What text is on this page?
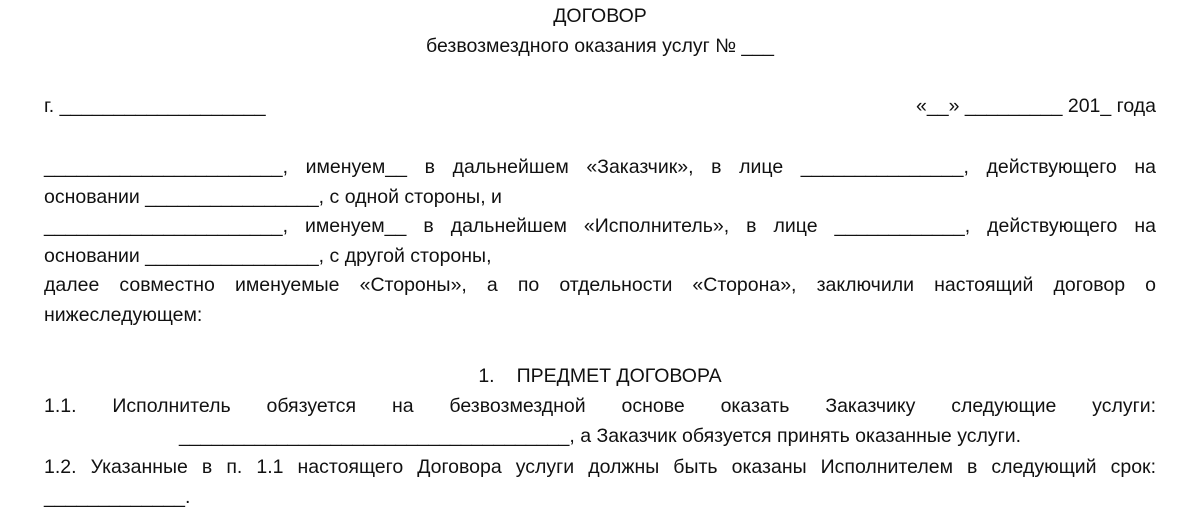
ДОГОВОР
безвозмездного оказания услуг № ___
г. ___________________	«__» _________ 201_ года
______________________, именуем__ в дальнейшем «Заказчик», в лице _______________, действующего на
основании ________________, с одной стороны, и
______________________, именуем__ в дальнейшем «Исполнитель», в лице ____________, действующего на
основании ________________, с другой стороны,
далее совместно именуемые «Стороны», а по отдельности «Сторона», заключили настоящий договор о
нижеследующем:
1. ПРЕДМЕТ ДОГОВОРА
1.1. Исполнитель обязуется на безвозмездной основе оказать Заказчику следующие услуги:
____________________________________, а Заказчик обязуется принять оказанные услуги.
1.2. Указанные в п. 1.1 настоящего Договора услуги должны быть оказаны Исполнителем в следующий срок:
_____________.
